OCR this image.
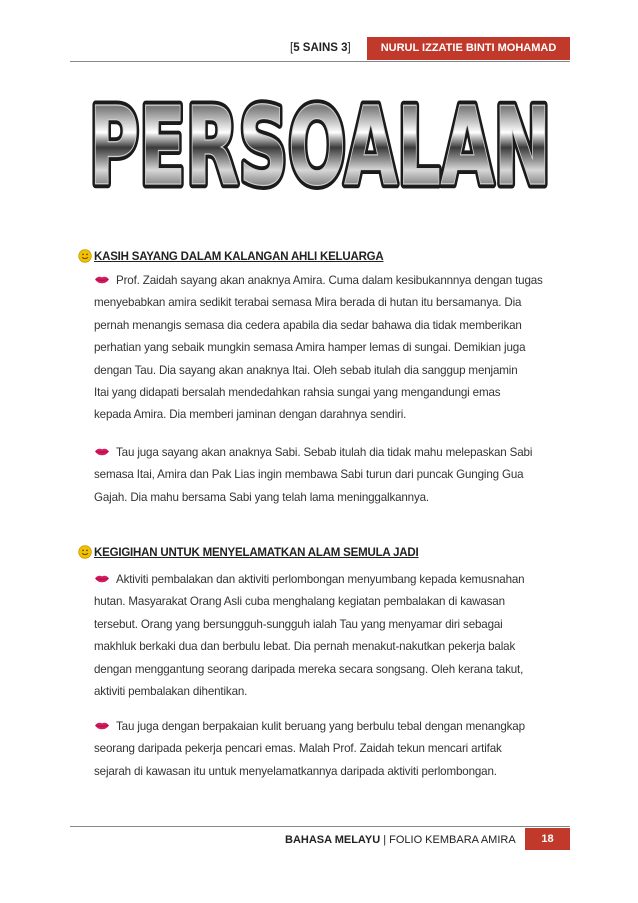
[5 SAINS 3]	NURUL IZZATIE BINTI MOHAMAD
PERSOALAN
PERSOALAN
KASIH SAYANG DALAM KALANGAN AHLI KELUARGA
Prof. Zaidah sayang akan anaknya Amira. Cuma dalam kesibukannnya dengan tugas
menyebabkan amira sedikit terabai semasa Mira berada di hutan itu bersamanya. Dia
pernah menangis semasa dia cedera apabila dia sedar bahawa dia tidak memberikan
perhatian yang sebaik mungkin semasa Amira hamper lemas di sungai. Demikian juga
dengan Tau. Dia sayang akan anaknya Itai. Oleh sebab itulah dia sanggup menjamin
Itai yang didapati bersalah mendedahkan rahsia sungai yang mengandungi emas
kepada Amira. Dia memberi jaminan dengan darahnya sendiri.
Tau juga sayang akan anaknya Sabi. Sebab itulah dia tidak mahu melepaskan Sabi
semasa Itai, Amira dan Pak Lias ingin membawa Sabi turun dari puncak Gunging Gua
Gajah. Dia mahu bersama Sabi yang telah lama meninggalkannya.
KEGIGIHAN UNTUK MENYELAMATKAN ALAM SEMULA JADI
Aktiviti pembalakan dan aktiviti perlombongan menyumbang kepada kemusnahan
hutan. Masyarakat Orang Asli cuba menghalang kegiatan pembalakan di kawasan
tersebut. Orang yang bersungguh-sungguh ialah Tau yang menyamar diri sebagai
makhluk berkaki dua dan berbulu lebat. Dia pernah menakut-nakutkan pekerja balak
dengan menggantung seorang daripada mereka secara songsang. Oleh kerana takut,
aktiviti pembalakan dihentikan.
Tau juga dengan berpakaian kulit beruang yang berbulu tebal dengan menangkap
seorang daripada pekerja pencari emas. Malah Prof. Zaidah tekun mencari artifak
sejarah di kawasan itu untuk menyelamatkannya daripada aktiviti perlombongan.
BAHASA MELAYU | FOLIO KEMBARA AMIRA	18
